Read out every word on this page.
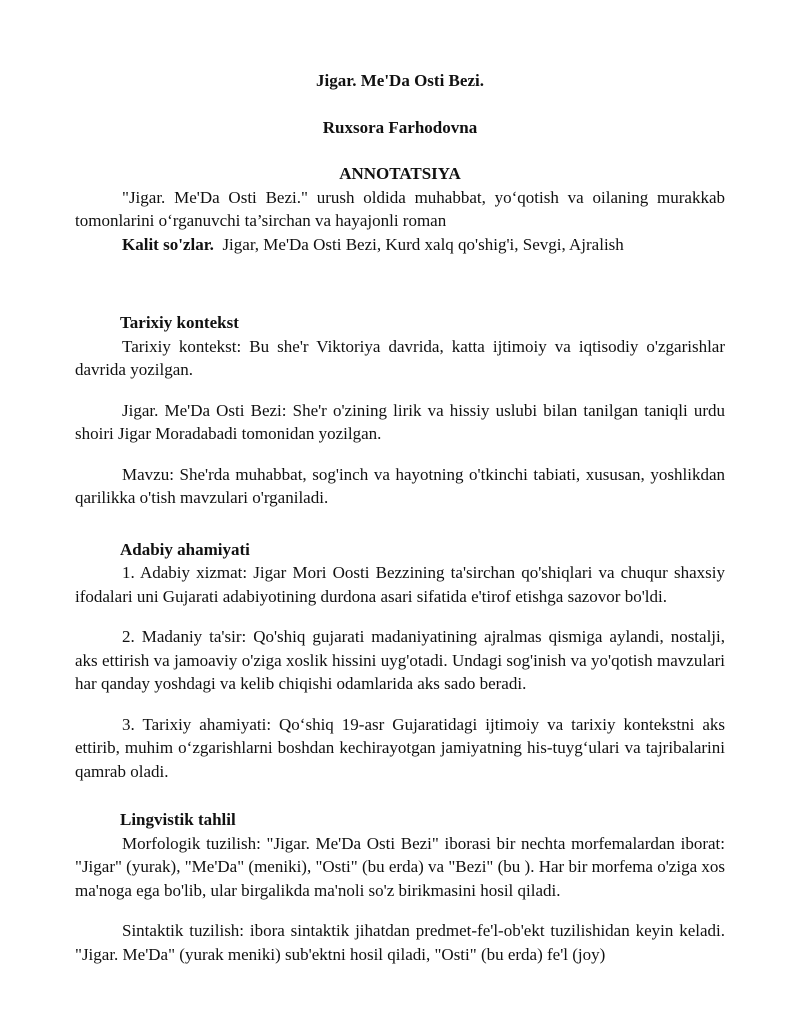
Jigar. Me'Da Osti Bezi.
Ruxsora Farhodovna
ANNOTATSIYA

"Jigar. Me'Da Osti Bezi." urush oldida muhabbat, yo‘qotish va oilaning murakkab tomonlarini o‘rganuvchi ta’sirchan va hayajonli roman

Kalit so'zlar. Jigar, Me'Da Osti Bezi, Kurd xalq qo'shig'i, Sevgi, Ajralish

Tarixiy kontekst

Tarixiy kontekst: Bu she'r Viktoriya davrida, katta ijtimoiy va iqtisodiy o'zgarishlar davrida yozilgan.

Jigar. Me'Da Osti Bezi: She'r o'zining lirik va hissiy uslubi bilan tanilgan taniqli urdu shoiri Jigar Moradabadi tomonidan yozilgan.

Mavzu: She'rda muhabbat, sog'inch va hayotning o'tkinchi tabiati, xususan, yoshlikdan qarilikka o'tish mavzulari o'rganiladi.

Adabiy ahamiyati

1. Adabiy xizmat: Jigar Mori Oosti Bezzining ta'sirchan qo'shiqlari va chuqur shaxsiy ifodalari uni Gujarati adabiyotining durdona asari sifatida e'tirof etishga sazovor bo'ldi.

2. Madaniy ta'sir: Qo'shiq gujarati madaniyatining ajralmas qismiga aylandi, nostalji, aks ettirish va jamoaviy o'ziga xoslik hissini uyg'otadi. Undagi sog'inish va yo'qotish mavzulari har qanday yoshdagi va kelib chiqishi odamlarida aks sado beradi.

3. Tarixiy ahamiyati: Qo‘shiq 19-asr Gujaratidagi ijtimoiy va tarixiy kontekstni aks ettirib, muhim o‘zgarishlarni boshdan kechirayotgan jamiyatning his-tuyg‘ulari va tajribalarini qamrab oladi.

Lingvistik tahlil

Morfologik tuzilish: "Jigar. Me'Da Osti Bezi" iborasi bir nechta morfemalardan iborat: "Jigar" (yurak), "Me'Da" (meniki), "Osti" (bu erda) va "Bezi" (bu ). Har bir morfema o'ziga xos ma'noga ega bo'lib, ular birgalikda ma'noli so'z birikmasini hosil qiladi.

Sintaktik tuzilish: ibora sintaktik jihatdan predmet-fe'l-ob'ekt tuzilishidan keyin keladi. "Jigar. Me'Da" (yurak meniki) sub'ektni hosil qiladi, "Osti" (bu erda) fe'l (joy)
